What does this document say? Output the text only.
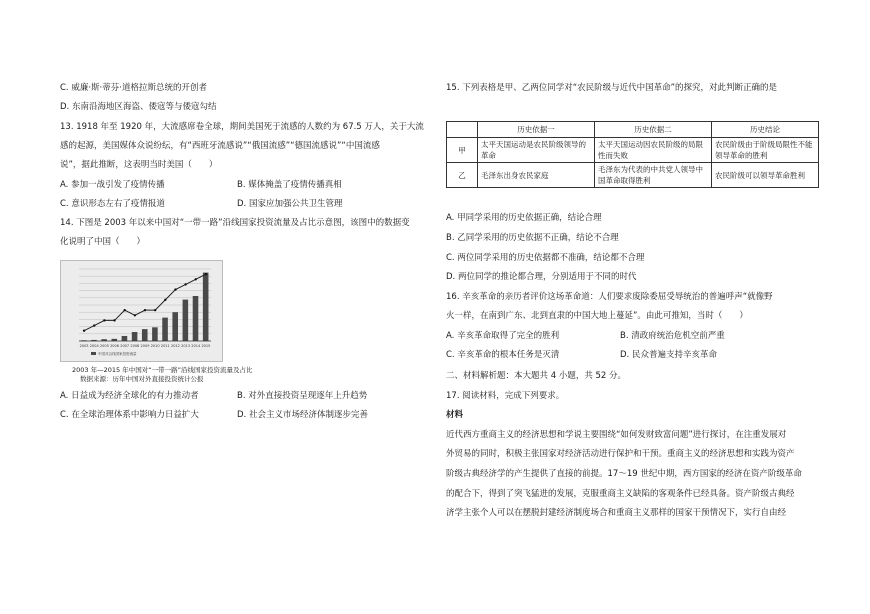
C. 威廉·斯·蒂芬·道格拉斯总统的开创者
D. 东南沿海地区海盗、倭寇等与倭寇勾结
13. 1918 年至 1920 年，大流感席卷全球，期间美国死于流感的人数约为 67.5 万人，关于大流
感的起源，美国媒体众说纷纭，有“西班牙流感说”“俄国流感”“德国流感说”“中国流感
说”，据此推断，这表明当时美国（　　）
A. 参加一战引发了疫情传播	B. 媒体掩盖了疫情传播真相
C. 意识形态左右了疫情报道	D. 国家应加强公共卫生管理
14. 下图是 2003 年以来中国对“一带一路”沿线国家投资流量及占比示意图，该图中的数据变
化说明了中国（　　）
2003 2004 2005 2006 2007 2008 2009 2010 2011 2012 2013 2014 2015
中国对沿线国家投资流量
2003 年—2015 年中国对“一带一路”沿线国家投资流量及占比
数据来源：历年中国对外直接投资统计公报
A. 日益成为经济全球化的有力推动者	B. 对外直接投资呈现逐年上升趋势
C. 在全球治理体系中影响力日益扩大	D. 社会主义市场经济体制逐步完善
15. 下列表格是甲、乙两位同学对“农民阶级与近代中国革命”的探究，对此判断正确的是
	历史依据一	历史依据二	历史结论
甲	太平天国运动是农民阶级领导的革命	太平天国运动因农民阶级的局限性而失败	农民阶级由于阶级局限性不能领导革命的胜利
乙	毛泽东出身农民家庭	毛泽东为代表的中共党人领导中国革命取得胜利	农民阶级可以领导革命胜利
A. 甲同学采用的历史依据正确，结论合理
B. 乙同学采用的历史依据不正确，结论不合理
C. 两位同学采用的历史依据都不准确，结论都不合理
D. 两位同学的推论都合理，分别适用于不同的时代
16. 辛亥革命的亲历者评价这场革命道：人们要求废除委屈受辱统治的普遍呼声“就像野
火一样，在南到广东、北到直隶的中国大地上蔓延”。由此可推知，当时（　　）
A. 辛亥革命取得了完全的胜利	B. 清政府统治危机空前严重
C. 辛亥革命的根本任务是灭清	D. 民众普遍支持辛亥革命
二、材料解析题：本大题共 4 小题，共 52 分。
17. 阅读材料，完成下列要求。
材料
近代西方重商主义的经济思想和学说主要围绕“如何发财致富问题”进行探讨，在注重发展对
外贸易的同时，积极主张国家对经济活动进行保护和干预。重商主义的经济思想和实践为资产
阶级古典经济学的产生提供了直接的前提。17～19 世纪中期，西方国家的经济在资产阶级革命
的配合下，得到了突飞猛进的发展，克服重商主义缺陷的客观条件已经具备。资产阶级古典经
济学主张个人可以在摆脱封建经济制度场合和重商主义那样的国家干预情况下，实行自由经
